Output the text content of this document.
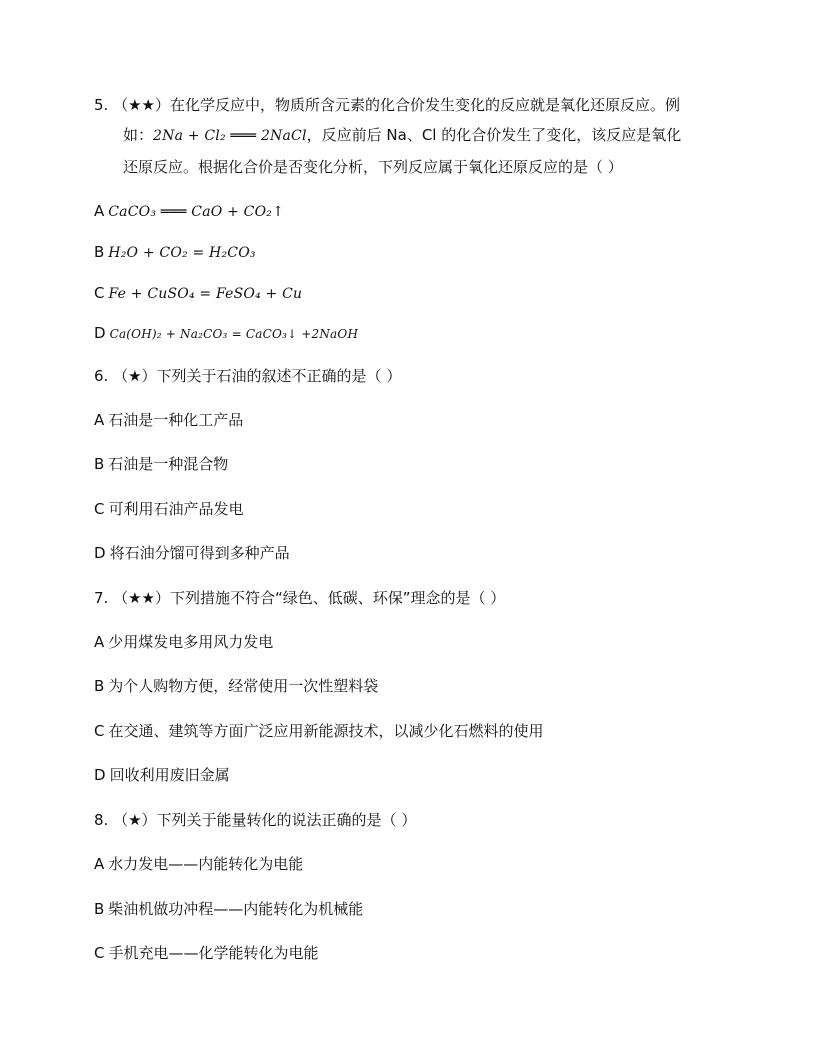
5. （★★）在化学反应中，物质所含元素的化合价发生变化的反应就是氧化还原反应。例
如：2Na + Cl₂ ═══ 2NaCl，反应前后 Na、Cl 的化合价发生了变化，该反应是氧化
还原反应。根据化合价是否变化分析，下列反应属于氧化还原反应的是（ ）
A CaCO₃ ═══ CaO + CO₂↑
B H₂O + CO₂ = H₂CO₃
C Fe + CuSO₄ = FeSO₄ + Cu
D Ca(OH)₂ + Na₂CO₃ = CaCO₃↓ +2NaOH
6. （★）下列关于石油的叙述不正确的是（ ）
A 石油是一种化工产品
B 石油是一种混合物
C 可利用石油产品发电
D 将石油分馏可得到多种产品
7. （★★）下列措施不符合“绿色、低碳、环保”理念的是（ ）
A 少用煤发电多用风力发电
B 为个人购物方便，经常使用一次性塑料袋
C 在交通、建筑等方面广泛应用新能源技术，以减少化石燃料的使用
D 回收利用废旧金属
8. （★）下列关于能量转化的说法正确的是（ ）
A 水力发电——内能转化为电能
B 柴油机做功冲程——内能转化为机械能
C 手机充电——化学能转化为电能
